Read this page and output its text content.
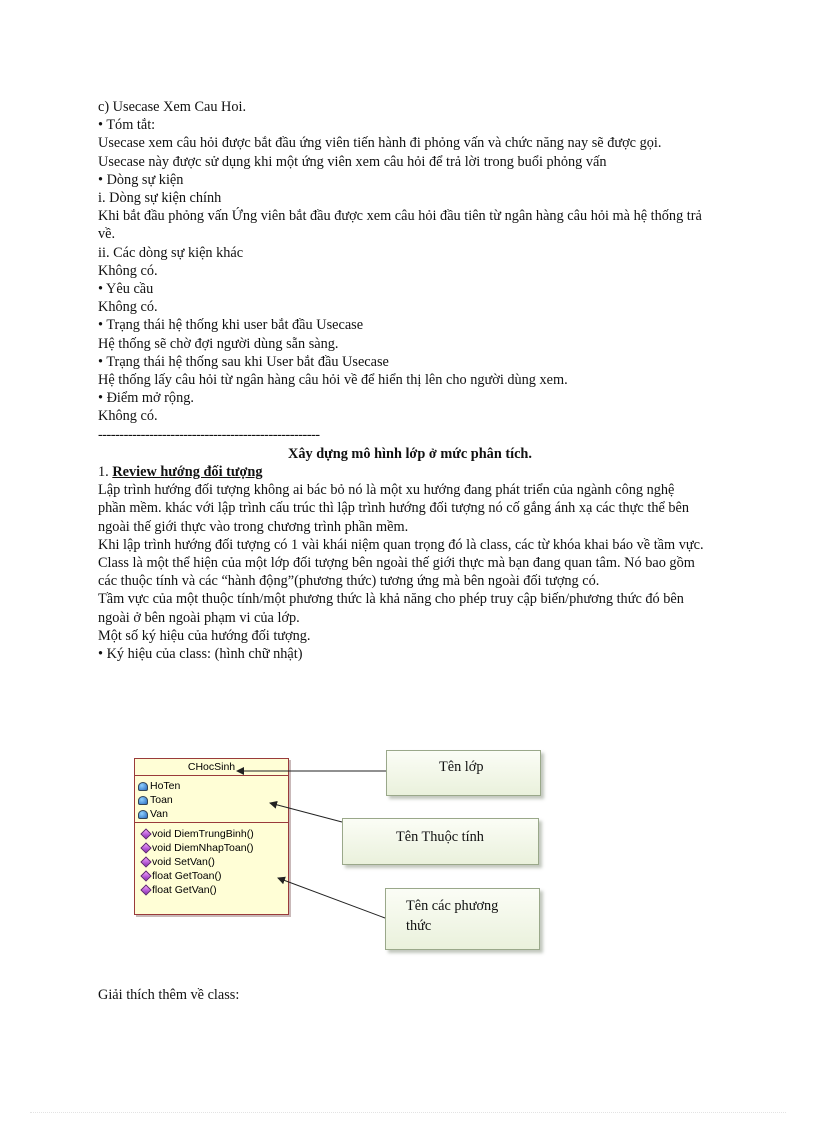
c) Usecase Xem Cau Hoi.

• Tóm tắt:

Usecase xem câu hỏi được bắt đầu ứng viên tiến hành đi phỏng vấn và chức năng nay sẽ được gọi. Usecase này được sử dụng khi một ứng viên xem câu hỏi để trả lời trong buổi phỏng vấn

• Dòng sự kiện

i. Dòng sự kiện chính

Khi bắt đầu phỏng vấn Ứng viên bắt đầu được xem câu hỏi đầu tiên từ ngân hàng câu hỏi mà hệ thống trả về.

ii. Các dòng sự kiện khác

Không có.

• Yêu cầu

Không có.

• Trạng thái hệ thống khi user bắt đầu Usecase

Hệ thống sẽ chờ đợi người dùng sẵn sàng.

• Trạng thái hệ thống sau khi User bắt đầu Usecase

Hệ thống lấy câu hỏi từ ngân hàng câu hỏi về để hiển thị lên cho người dùng xem.

• Điểm mở rộng.

Không có.

----------------------------------------------------

Xây dựng mô hình lớp ở mức phân tích.

1. Review hướng đối tượng

Lập trình hướng đối tượng không ai bác bỏ nó là một xu hướng đang phát triển của ngành công nghệ phần mềm. khác với lập trình cấu trúc thì lập trình hướng đối tượng nó cố gắng ánh xạ các thực thể bên ngoài thế giới thực vào trong chương trình phần mềm.

Khi lập trình hướng đối tượng có 1 vài khái niệm quan trọng đó là class, các từ khóa khai báo về tầm vực.

Class là một thể hiện của một lớp đối tượng bên ngoài thế giới thực mà bạn đang quan tâm. Nó bao gồm các thuộc tính và các “hành động”(phương thức) tương ứng mà bên ngoài đối tượng có.

Tầm vực của một thuộc tính/một phương thức là khả năng cho phép truy cập biến/phương thức đó bên ngoài ở bên ngoài phạm vi của lớp.

Một số ký hiệu của hướng đối tượng.

• Ký hiệu của class: (hình chữ nhật)

CHocSinh
HoTen
Toan
Van
void DiemTrungBinh()
void DiemNhapToan()
void SetVan()
float GetToan()
float GetVan()
Tên lớp
Tên Thuộc tính
Tên các phương thức

Giải thích thêm về class:
